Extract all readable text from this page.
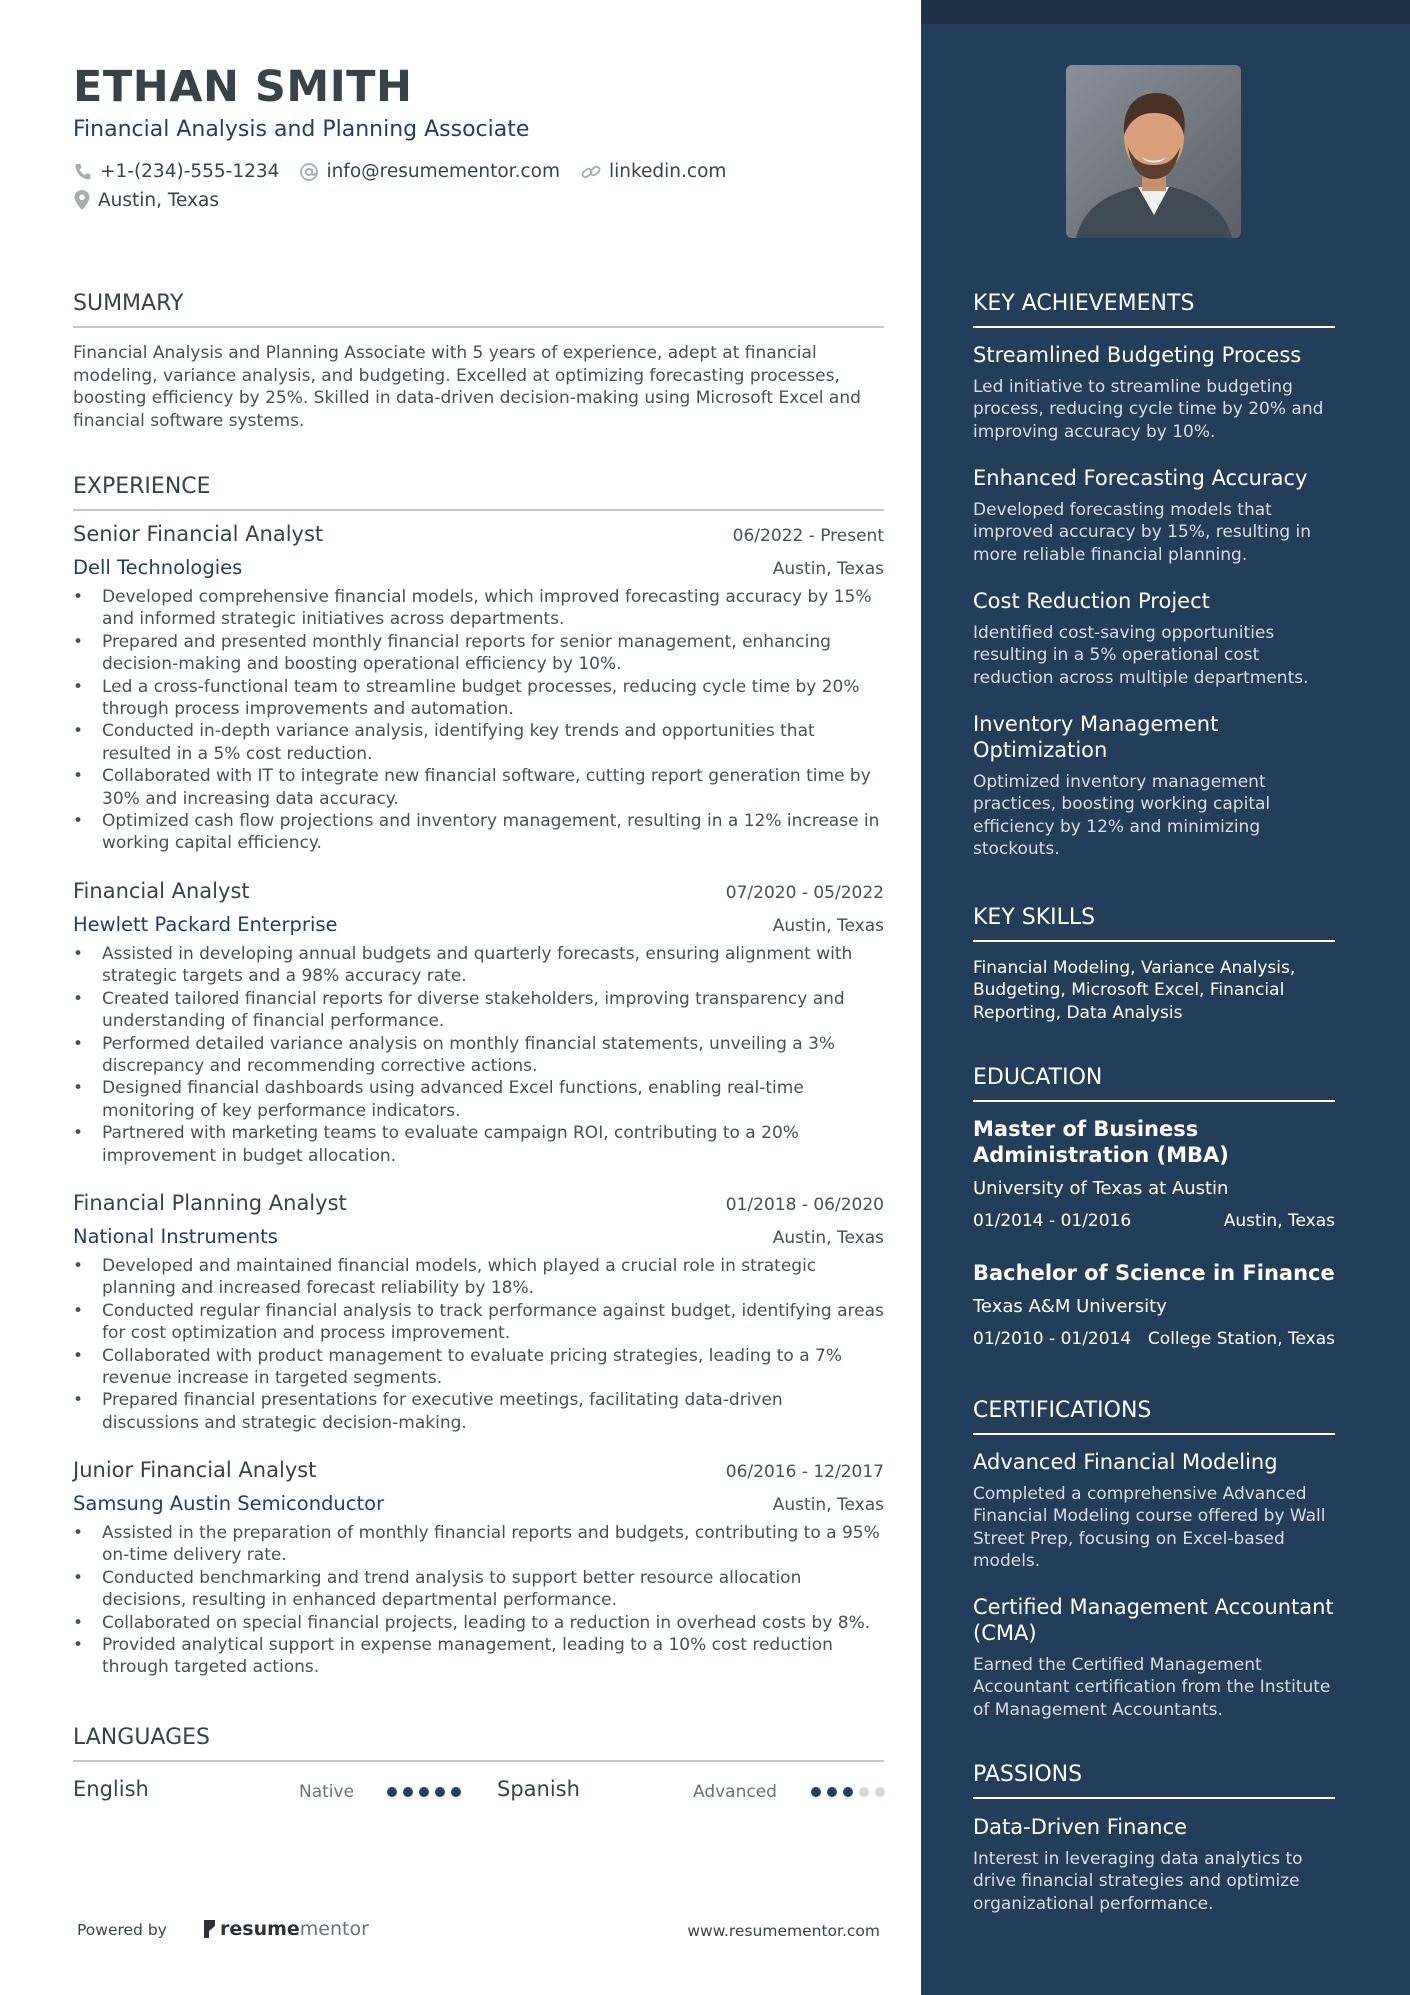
ETHAN SMITH
Financial Analysis and Planning Associate
+1-(234)-555-1234	info@resumementor.com	linkedin.com
Austin, Texas
SUMMARY

Financial Analysis and Planning Associate with 5 years of experience, adept at financial modeling, variance analysis, and budgeting. Excelled at optimizing forecasting processes, boosting efficiency by 25%. Skilled in data-driven decision-making using Microsoft Excel and financial software systems.

EXPERIENCE
Senior Financial Analyst	06/2022 - Present
Dell Technologies	Austin, Texas
• Developed comprehensive financial models, which improved forecasting accuracy by 15% and informed strategic initiatives across departments.
• Prepared and presented monthly financial reports for senior management, enhancing decision-making and boosting operational efficiency by 10%.
• Led a cross-functional team to streamline budget processes, reducing cycle time by 20% through process improvements and automation.
• Conducted in-depth variance analysis, identifying key trends and opportunities that resulted in a 5% cost reduction.
• Collaborated with IT to integrate new financial software, cutting report generation time by 30% and increasing data accuracy.
• Optimized cash flow projections and inventory management, resulting in a 12% increase in working capital efficiency.
Financial Analyst	07/2020 - 05/2022
Hewlett Packard Enterprise	Austin, Texas
• Assisted in developing annual budgets and quarterly forecasts, ensuring alignment with strategic targets and a 98% accuracy rate.
• Created tailored financial reports for diverse stakeholders, improving transparency and understanding of financial performance.
• Performed detailed variance analysis on monthly financial statements, unveiling a 3% discrepancy and recommending corrective actions.
• Designed financial dashboards using advanced Excel functions, enabling real-time monitoring of key performance indicators.
• Partnered with marketing teams to evaluate campaign ROI, contributing to a 20% improvement in budget allocation.
Financial Planning Analyst	01/2018 - 06/2020
National Instruments	Austin, Texas
• Developed and maintained financial models, which played a crucial role in strategic planning and increased forecast reliability by 18%.
• Conducted regular financial analysis to track performance against budget, identifying areas for cost optimization and process improvement.
• Collaborated with product management to evaluate pricing strategies, leading to a 7% revenue increase in targeted segments.
• Prepared financial presentations for executive meetings, facilitating data-driven discussions and strategic decision-making.
Junior Financial Analyst	06/2016 - 12/2017
Samsung Austin Semiconductor	Austin, Texas
• Assisted in the preparation of monthly financial reports and budgets, contributing to a 95% on-time delivery rate.
• Conducted benchmarking and trend analysis to support better resource allocation decisions, resulting in enhanced departmental performance.
• Collaborated on special financial projects, leading to a reduction in overhead costs by 8%.
• Provided analytical support in expense management, leading to a 10% cost reduction through targeted actions.
LANGUAGES
English	Native	Spanish	Advanced
Powered by	resume mentor	www.resumementor.com
KEY ACHIEVEMENTS

Streamlined Budgeting Process

Led initiative to streamline budgeting process, reducing cycle time by 20% and improving accuracy by 10%.

Enhanced Forecasting Accuracy

Developed forecasting models that improved accuracy by 15%, resulting in more reliable financial planning.

Cost Reduction Project

Identified cost-saving opportunities resulting in a 5% operational cost reduction across multiple departments.

Inventory Management Optimization

Optimized inventory management practices, boosting working capital efficiency by 12% and minimizing stockouts.

KEY SKILLS

Financial Modeling, Variance Analysis, Budgeting, Microsoft Excel, Financial Reporting, Data Analysis

EDUCATION

Master of Business Administration (MBA)

University of Texas at Austin

01/2014 - 01/2016	Austin, Texas

Bachelor of Science in Finance

Texas A&M University

01/2010 - 01/2014 College Station, Texas
CERTIFICATIONS

Advanced Financial Modeling

Completed a comprehensive Advanced Financial Modeling course offered by Wall Street Prep, focusing on Excel-based models.

Certified Management Accountant (CMA)

Earned the Certified Management Accountant certification from the Institute of Management Accountants.

PASSIONS

Data-Driven Finance

Interest in leveraging data analytics to drive financial strategies and optimize organizational performance.
